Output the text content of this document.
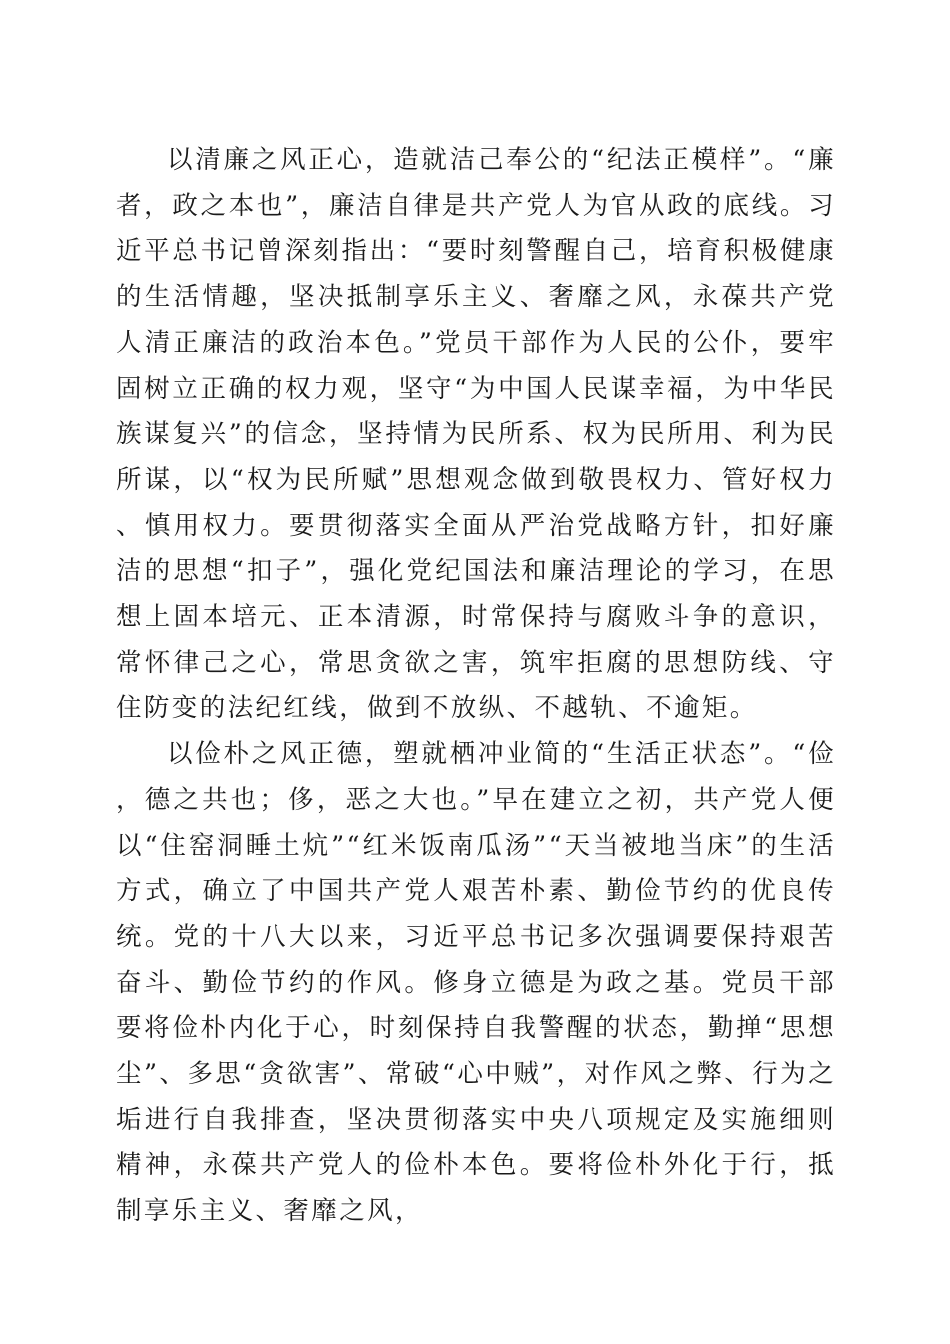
以清廉之风正心，造就洁己奉公的“纪法正模样”。“廉者，政之本也”，廉洁自律是共产党人为官从政的底线。习近平总书记曾深刻指出：“要时刻警醒自己，培育积极健康的生活情趣，坚决抵制享乐主义、奢靡之风，永葆共产党人清正廉洁的政治本色。”党员干部作为人民的公仆，要牢固树立正确的权力观，坚守“为中国人民谋幸福，为中华民族谋复兴”的信念，坚持情为民所系、权为民所用、利为民所谋，以“权为民所赋”思想观念做到敬畏权力、管好权力、慎用权力。要贯彻落实全面从严治党战略方针，扣好廉洁的思想“扣子”，强化党纪国法和廉洁理论的学习，在思想上固本培元、正本清源，时常保持与腐败斗争的意识，常怀律己之心，常思贪欲之害，筑牢拒腐的思想防线、守住防变的法纪红线，做到不放纵、不越轨、不逾矩。

以俭朴之风正德，塑就栖冲业简的“生活正状态”。“俭，德之共也；侈，恶之大也。”早在建立之初，共产党人便以“住窑洞睡土炕”“红米饭南瓜汤”“天当被地当床”的生活方式，确立了中国共产党人艰苦朴素、勤俭节约的优良传统。党的十八大以来，习近平总书记多次强调要保持艰苦奋斗、勤俭节约的作风。修身立德是为政之基。党员干部要将俭朴内化于心，时刻保持自我警醒的状态，勤掸“思想尘”、多思“贪欲害”、常破“心中贼”，对作风之弊、行为之垢进行自我排查，坚决贯彻落实中央八项规定及实施细则精神，永葆共产党人的俭朴本色。要将俭朴外化于行，抵制享乐主义、奢靡之风，
